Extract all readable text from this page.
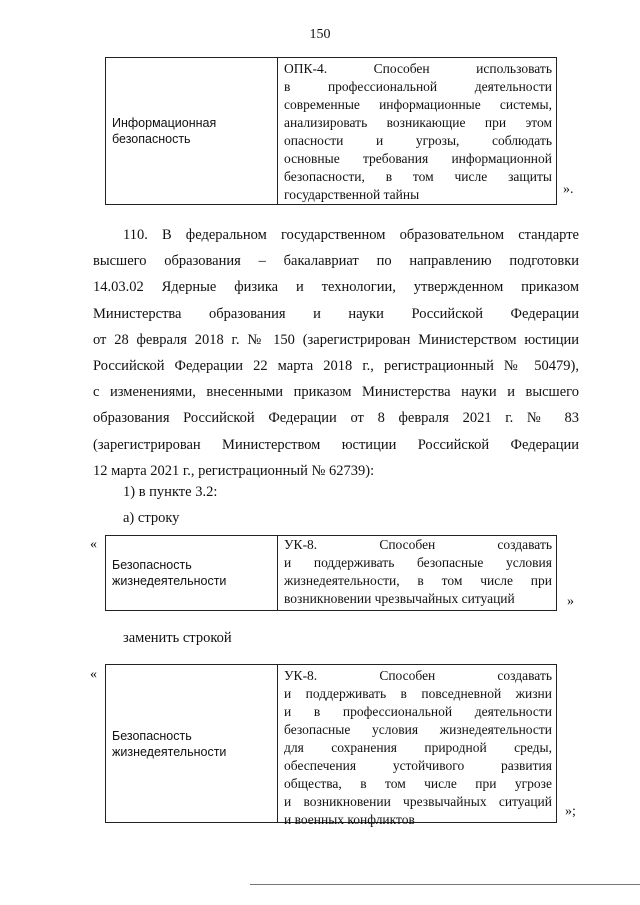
150
Информационная
безопасность
ОПК-4. Способен использовать
в профессиональной деятельности
современные информационные системы,
анализировать возникающие при этом
опасности и угрозы, соблюдать
основные требования информационной
безопасности, в том числе защиты
государственной тайны	».
110. В федеральном государственном образовательном стандарте
высшего образования – бакалавриат по направлению подготовки
14.03.02 Ядерные физика и технологии, утвержденном приказом
Министерства образования и науки Российской Федерации
от 28 февраля 2018 г. № 150 (зарегистрирован Министерством юстиции
Российской Федерации 22 марта 2018 г., регистрационный № 50479),
с изменениями, внесенными приказом Министерства науки и высшего
образования Российской Федерации от 8 февраля 2021 г. № 83
(зарегистрирован Министерством юстиции Российской Федерации
12 марта 2021 г., регистрационный № 62739):
1) в пункте 3.2:
а) строку
«
Безопасность
жизнедеятельности
УК-8. Способен создавать
и поддерживать безопасные условия
жизнедеятельности, в том числе при
возникновении чрезвычайных ситуаций	»
заменить строкой
«
Безопасность
жизнедеятельности
УК-8. Способен создавать
и поддерживать в повседневной жизни
и в профессиональной деятельности
безопасные условия жизнедеятельности
для сохранения природной среды,
обеспечения устойчивого развития
общества, в том числе при угрозе
и возникновении чрезвычайных ситуаций
и военных конфликтов
»;
